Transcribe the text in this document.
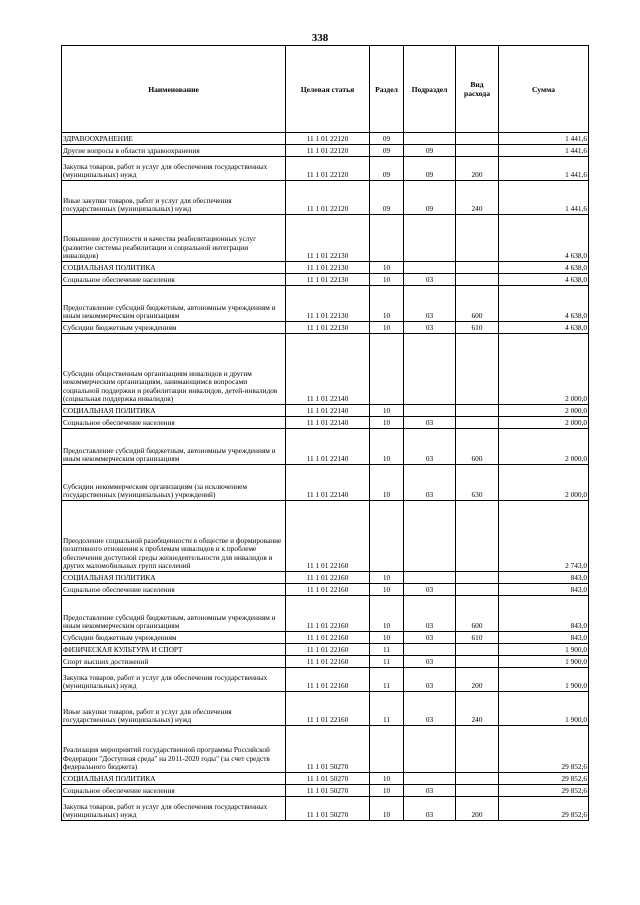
338
Наименование	Целевая статья	Раздел	Подраздел	Вид расхода	Сумма
ЗДРАВООХРАНЕНИЕ	11 1 01 22120	09			1 441,6
Другие вопросы в области здравоохранения	11 1 01 22120	09	09		1 441,6
Закупка товаров, работ и услуг для обеспечения государственных (муниципальных) нужд	11 1 01 22120	09	09	200	1 441,6
Иные закупки товаров, работ и услуг для обеспечения государственных (муниципальных) нужд	11 1 01 22120	09	09	240	1 441,6
Повышение доступности и качества реабилитационных услуг (развитие системы реабилитации и социальной интеграции инвалидов)	11 1 01 22130				4 638,0
СОЦИАЛЬНАЯ ПОЛИТИКА	11 1 01 22130	10			4 638,0
Социальное обеспечение населения	11 1 01 22130	10	03		4 638,0
Предоставление субсидий бюджетным, автономным учреждениям и иным некоммерческим организациям	11 1 01 22130	10	03	600	4 638,0
Субсидии бюджетным учреждениям	11 1 01 22130	10	03	610	4 638,0
Субсидии общественным организациям инвалидов и другим некоммерческим организациям, занимающимся вопросами социальной поддержки и реабилитации инвалидов, детей-инвалидов (социальная поддержка инвалидов)	11 1 01 22140				2 000,0
СОЦИАЛЬНАЯ ПОЛИТИКА	11 1 01 22140	10			2 000,0
Социальное обеспечение населения	11 1 01 22140	10	03		2 000,0
Предоставление субсидий бюджетным, автономным учреждениям и иным некоммерческим организациям	11 1 01 22140	10	03	600	2 000,0
Субсидии некоммерческим организациям (за исключением государственных (муниципальных) учреждений)	11 1 01 22140	10	03	630	2 000,0
Преодоление социальной разобщенности в обществе и формирование позитивного отношения к проблемам инвалидов и к проблеме обеспечения доступной среды жизнедеятельности для инвалидов и других маломобильных групп населений	11 1 01 22160				2 743,0
СОЦИАЛЬНАЯ ПОЛИТИКА	11 1 01 22160	10			843,0
Социальное обеспечение населения	11 1 01 22160	10	03		843,0
Предоставление субсидий бюджетным, автономным учреждениям и иным некоммерческим организациям	11 1 01 22160	10	03	600	843,0
Субсидии бюджетным учреждениям	11 1 01 22160	10	03	610	843,0
ФИЗИЧЕСКАЯ КУЛЬТУРА И СПОРТ	11 1 01 22160	11			1 900,0
Спорт высших достижений	11 1 01 22160	11	03		1 900,0
Закупка товаров, работ и услуг для обеспечения государственных (муниципальных) нужд	11 1 01 22160	11	03	200	1 900,0
Иные закупки товаров, работ и услуг для обеспечения государственных (муниципальных) нужд	11 1 01 22160	11	03	240	1 900,0
Реализация мероприятий государственной программы Российской Федерации "Доступная среда" на 2011-2020 годы" (за счет средств федерального бюджета)	11 1 01 50270				29 852,6
СОЦИАЛЬНАЯ ПОЛИТИКА	11 1 01 50270	10			29 852,6
Социальное обеспечение населения	11 1 01 50270	10	03		29 852,6
Закупка товаров, работ и услуг для обеспечения государственных (муниципальных) нужд	11 1 01 50270	10	03	200	29 852,6
